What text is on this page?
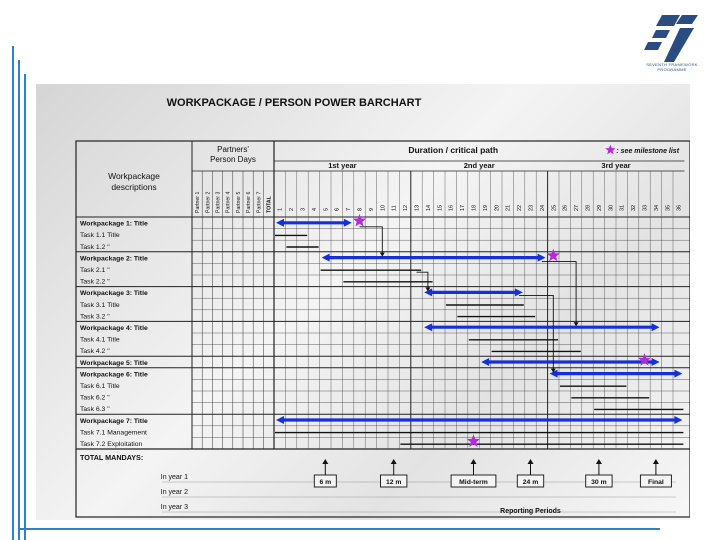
SEVENTH FRAMEWORK
PROGRAMME
WORKPACKAGE / PERSON POWER BARCHART
Partner 1 Partner 2 Partner 3 Partner 4 Partner 5 Partner 6 Partner 7 TOTAL 1 2 3 4 5 6 7 8 9 10 11 12 13 14 15 16 17 18 19 20 21 22 23 24 25 26 27 28 29 30 31 32 33 34 35 36
1st year	2nd year	3rd year
Partners'
Person Days
Workpackage
descriptions
Duration / critical path	: see milestone list
Workpackage 1: Title
Task 1.1 Title
Task 1.2 "
Workpackage 2: Title
Task 2.1 "
Task 2.2 "
Workpackage 3: Title
Task 3.1 Title
Task 3.2 "
Workpackage 4: Title
Task 4.1 Title
Task 4.2 "
Workpackage 5: Title
Workpackage 6: Title
Task 6.1 Title
Task 6.2 "
Task 6.3 "
Workpackage 7: Title
Task 7.1 Management
Task 7.2 Exploitation
TOTAL MANDAYS:
In year 1
In year 2
In year 3
6 m	12 m	Mid-term	24 m	30 m	Final
Reporting Periods
